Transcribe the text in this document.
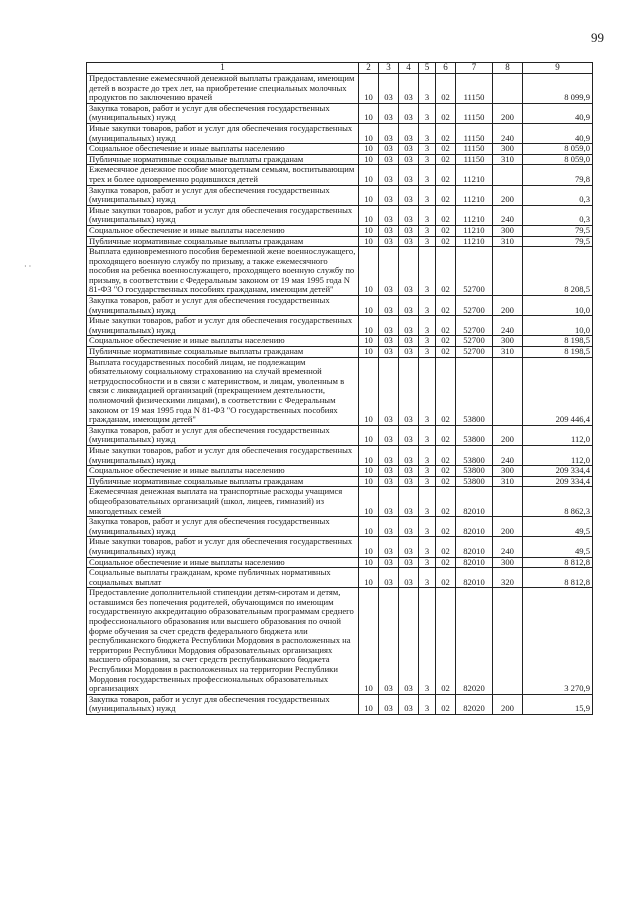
99
1	2	3	4	5	6	7	8	9
Предоставление ежемесячной денежной выплаты гражданам, имеющим детей в возрасте до трех лет, на приобретение специальных молочных продуктов по заключению врачей	10	03	03	3	02	11150		8 099,9
Закупка товаров, работ и услуг для обеспечения государственных (муниципальных) нужд	10	03	03	3	02	11150	200	40,9
Иные закупки товаров, работ и услуг для обеспечения государственных (муниципальных) нужд	10	03	03	3	02	11150	240	40,9
Социальное обеспечение и иные выплаты населению	10	03	03	3	02	11150	300	8 059,0
Публичные нормативные социальные выплаты гражданам	10	03	03	3	02	11150	310	8 059,0
Ежемесячное денежное пособие многодетным семьям, воспитывающим трех и более одновременно родившихся детей	10	03	03	3	02	11210		79,8
Закупка товаров, работ и услуг для обеспечения государственных (муниципальных) нужд	10	03	03	3	02	11210	200	0,3
Иные закупки товаров, работ и услуг для обеспечения государственных (муниципальных) нужд	10	03	03	3	02	11210	240	0,3
Социальное обеспечение и иные выплаты населению	10	03	03	3	02	11210	300	79,5
Публичные нормативные социальные выплаты гражданам	10	03	03	3	02	11210	310	79,5
Выплата единовременного пособия беременной жене военнослужащего, проходящего военную службу по призыву, а также ежемесячного пособия на ребенка военнослужащего, проходящего военную службу по призыву, в соответствии с Федеральным законом от 19 мая 1995 года N 81-ФЗ "О государственных пособиях гражданам, имеющим детей"	10	03	03	3	02	52700		8 208,5
Закупка товаров, работ и услуг для обеспечения государственных (муниципальных) нужд	10	03	03	3	02	52700	200	10,0
Иные закупки товаров, работ и услуг для обеспечения государственных (муниципальных) нужд	10	03	03	3	02	52700	240	10,0
Социальное обеспечение и иные выплаты населению	10	03	03	3	02	52700	300	8 198,5
Публичные нормативные социальные выплаты гражданам	10	03	03	3	02	52700	310	8 198,5
Выплата государственных пособий лицам, не подлежащим обязательному социальному страхованию на случай временной нетрудоспособности и в связи с материнством, и лицам, уволенным в связи с ликвидацией организаций (прекращением деятельности, полномочий физическими лицами), в соответствии с Федеральным законом от 19 мая 1995 года N 81-ФЗ "О государственных пособиях гражданам, имеющим детей"	10	03	03	3	02	53800		209 446,4
Закупка товаров, работ и услуг для обеспечения государственных (муниципальных) нужд	10	03	03	3	02	53800	200	112,0
Иные закупки товаров, работ и услуг для обеспечения государственных (муниципальных) нужд	10	03	03	3	02	53800	240	112,0
Социальное обеспечение и иные выплаты населению	10	03	03	3	02	53800	300	209 334,4
Публичные нормативные социальные выплаты гражданам	10	03	03	3	02	53800	310	209 334,4
Ежемесячная денежная выплата на транспортные расходы учащимся общеобразовательных организаций (школ, лицеев, гимназий) из многодетных семей	10	03	03	3	02	82010		8 862,3
Закупка товаров, работ и услуг для обеспечения государственных (муниципальных) нужд	10	03	03	3	02	82010	200	49,5
Иные закупки товаров, работ и услуг для обеспечения государственных (муниципальных) нужд	10	03	03	3	02	82010	240	49,5
Социальное обеспечение и иные выплаты населению	10	03	03	3	02	82010	300	8 812,8
Социальные выплаты гражданам, кроме публичных нормативных социальных выплат	10	03	03	3	02	82010	320	8 812,8
Предоставление дополнительной стипендии детям-сиротам и детям, оставшимся без попечения родителей, обучающимся по имеющим государственную аккредитацию образовательным программам среднего профессионального образования или высшего образования по очной форме обучения за счет средств федерального бюджета или республиканского бюджета Республики Мордовия в расположенных на территории Республики Мордовия образовательных организациях высшего образования, за счет средств республиканского бюджета Республики Мордовия в расположенных на территории Республики Мордовия государственных профессиональных образовательных организациях	10	03	03	3	02	82020		3 270,9
Закупка товаров, работ и услуг для обеспечения государственных (муниципальных) нужд	10	03	03	3	02	82020	200	15,9
· ·
